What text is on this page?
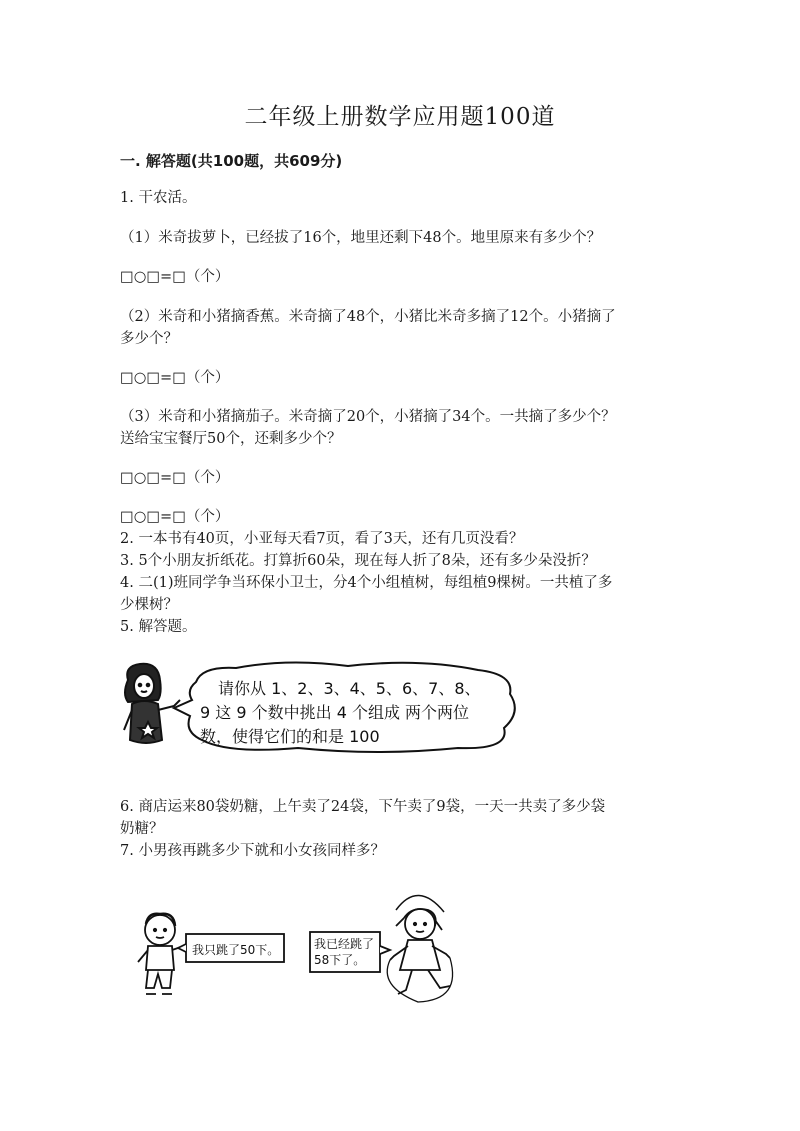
二年级上册数学应用题100道
一. 解答题(共100题，共609分)
1. 干农活。
（1）米奇拔萝卜，已经拔了16个，地里还剩下48个。地里原来有多少个？
□○□=□（个）
（2）米奇和小猪摘香蕉。米奇摘了48个，小猪比米奇多摘了12个。小猪摘了
多少个？
□○□=□（个）
（3）米奇和小猪摘茄子。米奇摘了20个，小猪摘了34个。一共摘了多少个？
送给宝宝餐厅50个，还剩多少个？
□○□=□（个）
□○□=□（个）
2. 一本书有40页，小亚每天看7页，看了3天，还有几页没看？
3. 5个小朋友折纸花。打算折60朵，现在每人折了8朵，还有多少朵没折？
4. 二(1)班同学争当环保小卫士，分4个小组植树，每组植9棵树。一共植了多
少棵树？
5. 解答题。
请你从 1、2、3、4、5、6、7、8、
9 这 9 个数中挑出 4 个组成 两个两位
数，使得它们的和是 100
6. 商店运来80袋奶糖，上午卖了24袋，下午卖了9袋，一天一共卖了多少袋
奶糖？
7. 小男孩再跳多少下就和小女孩同样多？
我只跳了50下。	我已经跳了
58下了。
